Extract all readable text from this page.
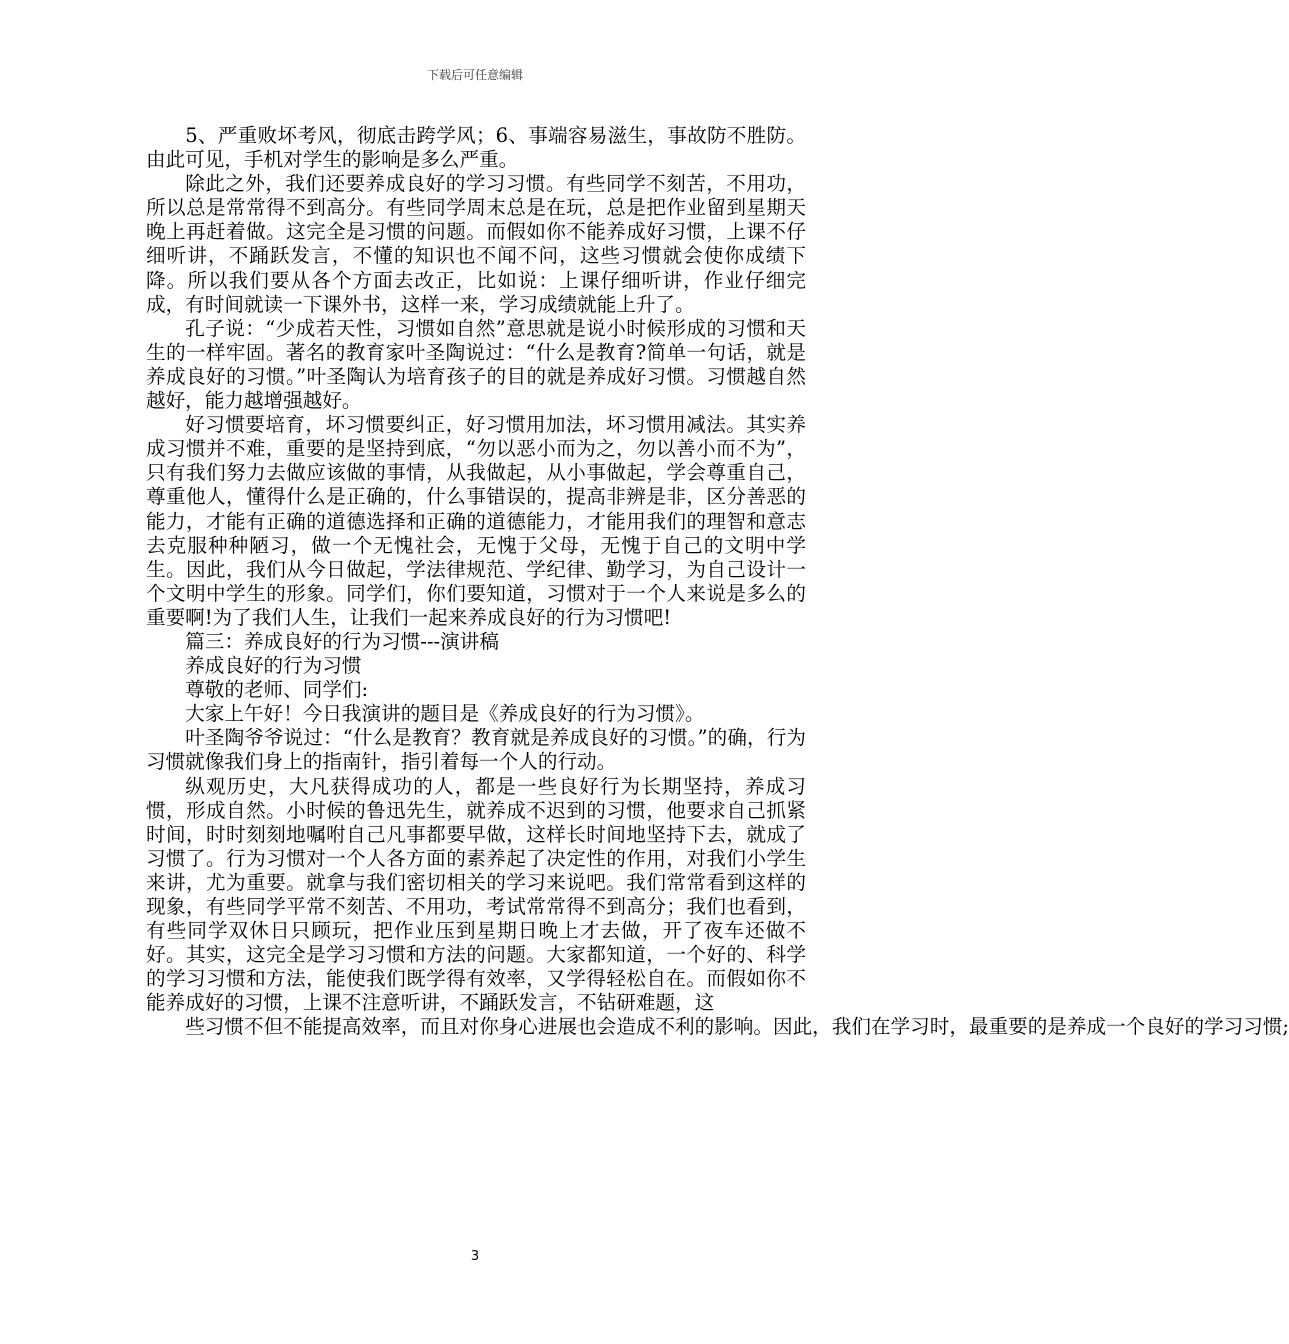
下载后可任意编辑

5、严重败坏考风，彻底击跨学风；6、事端容易滋生，事故防不胜防。由此可见，手机对学生的影响是多么严重。

除此之外，我们还要养成良好的学习习惯。有些同学不刻苦，不用功，所以总是常常得不到高分。有些同学周末总是在玩，总是把作业留到星期天晚上再赶着做。这完全是习惯的问题。而假如你不能养成好习惯，上课不仔细听讲，不踊跃发言，不懂的知识也不闻不问，这些习惯就会使你成绩下降。所以我们要从各个方面去改正，比如说：上课仔细听讲，作业仔细完成，有时间就读一下课外书，这样一来，学习成绩就能上升了。

孔子说：“少成若天性，习惯如自然”意思就是说小时候形成的习惯和天生的一样牢固。著名的教育家叶圣陶说过：“什么是教育?简单一句话，就是养成良好的习惯。”叶圣陶认为培育孩子的目的就是养成好习惯。习惯越自然越好，能力越增强越好。

好习惯要培育，坏习惯要纠正，好习惯用加法，坏习惯用减法。其实养成习惯并不难，重要的是坚持到底，“勿以恶小而为之，勿以善小而不为”，只有我们努力去做应该做的事情，从我做起，从小事做起，学会尊重自己，尊重他人，懂得什么是正确的，什么事错误的，提高非辨是非，区分善恶的能力，才能有正确的道德选择和正确的道德能力，才能用我们的理智和意志去克服种种陋习，做一个无愧社会，无愧于父母，无愧于自己的文明中学生。因此，我们从今日做起，学法律规范、学纪律、勤学习，为自己设计一个文明中学生的形象。同学们，你们要知道，习惯对于一个人来说是多么的重要啊!为了我们人生，让我们一起来养成良好的行为习惯吧!

篇三：养成良好的行为习惯---演讲稿

养成良好的行为习惯

尊敬的老师、同学们:

大家上午好！今日我演讲的题目是《养成良好的行为习惯》。

叶圣陶爷爷说过：“什么是教育？教育就是养成良好的习惯。”的确，行为习惯就像我们身上的指南针，指引着每一个人的行动。

纵观历史，大凡获得成功的人，都是一些良好行为长期坚持，养成习惯，形成自然。小时候的鲁迅先生，就养成不迟到的习惯，他要求自己抓紧时间，时时刻刻地嘱咐自己凡事都要早做，这样长时间地坚持下去，就成了习惯了。行为习惯对一个人各方面的素养起了决定性的作用，对我们小学生来讲，尤为重要。就拿与我们密切相关的学习来说吧。我们常常看到这样的现象，有些同学平常不刻苦、不用功，考试常常得不到高分；我们也看到，有些同学双休日只顾玩，把作业压到星期日晚上才去做，开了夜车还做不好。其实，这完全是学习习惯和方法的问题。大家都知道，一个好的、科学的学习习惯和方法，能使我们既学得有效率，又学得轻松自在。而假如你不能养成好的习惯，上课不注意听讲，不踊跃发言，不钻研难题，这

些习惯不但不能提高效率，而且对你身心进展也会造成不利的影响。因此，我们在学习时，最重要的是养成一个良好的学习习惯;

3
